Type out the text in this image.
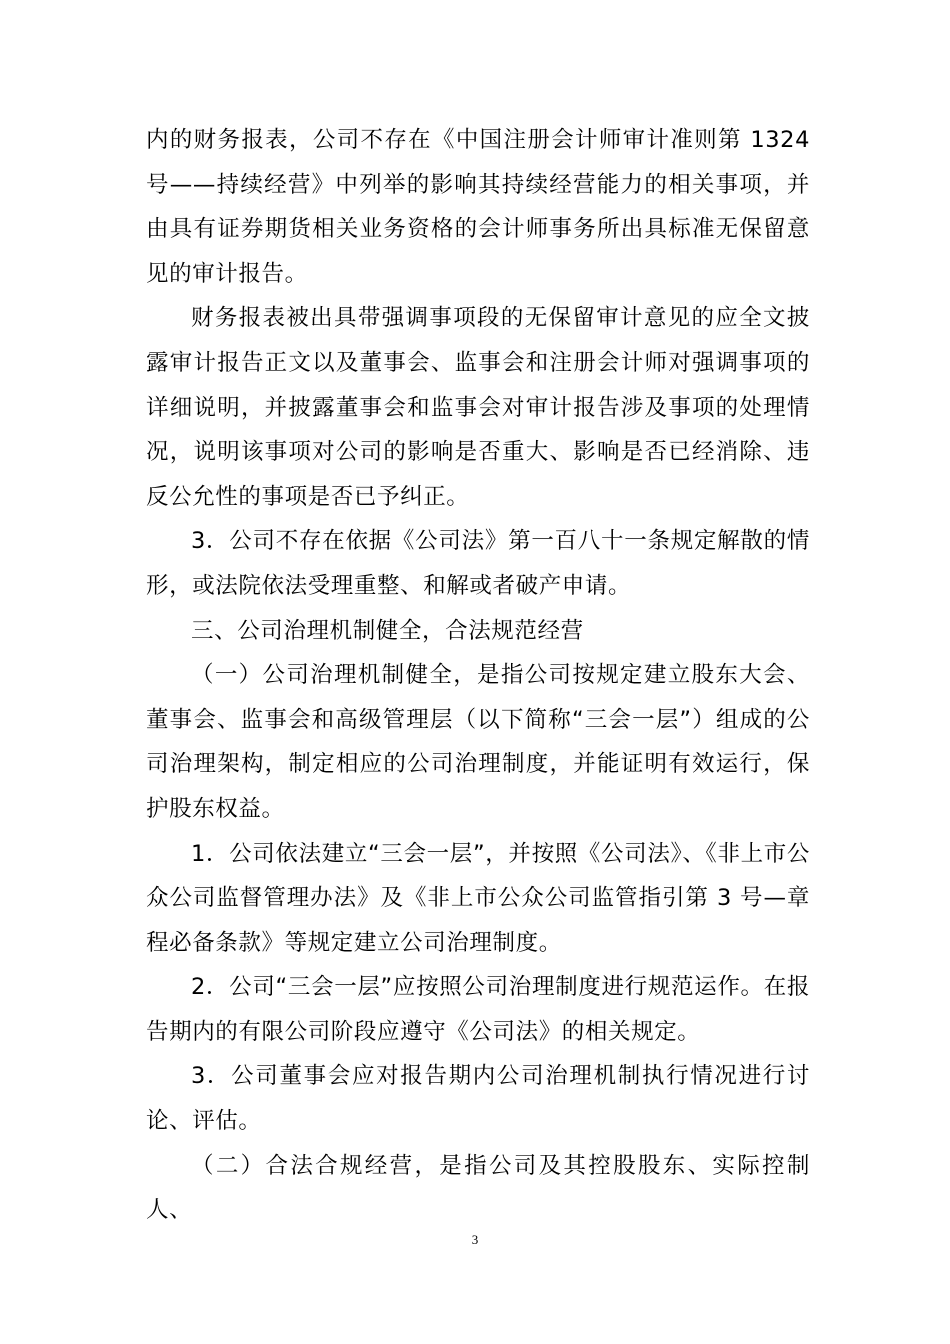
内的财务报表，公司不存在《中国注册会计师审计准则第 1324 号——持续经营》中列举的影响其持续经营能力的相关事项，并由具有证券期货相关业务资格的会计师事务所出具标准无保留意见的审计报告。

财务报表被出具带强调事项段的无保留审计意见的应全文披露审计报告正文以及董事会、监事会和注册会计师对强调事项的详细说明，并披露董事会和监事会对审计报告涉及事项的处理情况，说明该事项对公司的影响是否重大、影响是否已经消除、违反公允性的事项是否已予纠正。

3．公司不存在依据《公司法》第一百八十一条规定解散的情形，或法院依法受理重整、和解或者破产申请。

三、公司治理机制健全，合法规范经营

（一）公司治理机制健全，是指公司按规定建立股东大会、董事会、监事会和高级管理层（以下简称“三会一层”）组成的公司治理架构，制定相应的公司治理制度，并能证明有效运行，保护股东权益。

1．公司依法建立“三会一层”，并按照《公司法》、《非上市公众公司监督管理办法》及《非上市公众公司监管指引第 3 号—章程必备条款》等规定建立公司治理制度。

2．公司“三会一层”应按照公司治理制度进行规范运作。在报告期内的有限公司阶段应遵守《公司法》的相关规定。

3．公司董事会应对报告期内公司治理机制执行情况进行讨论、评估。

（二）合法合规经营，是指公司及其控股股东、实际控制人、

3
